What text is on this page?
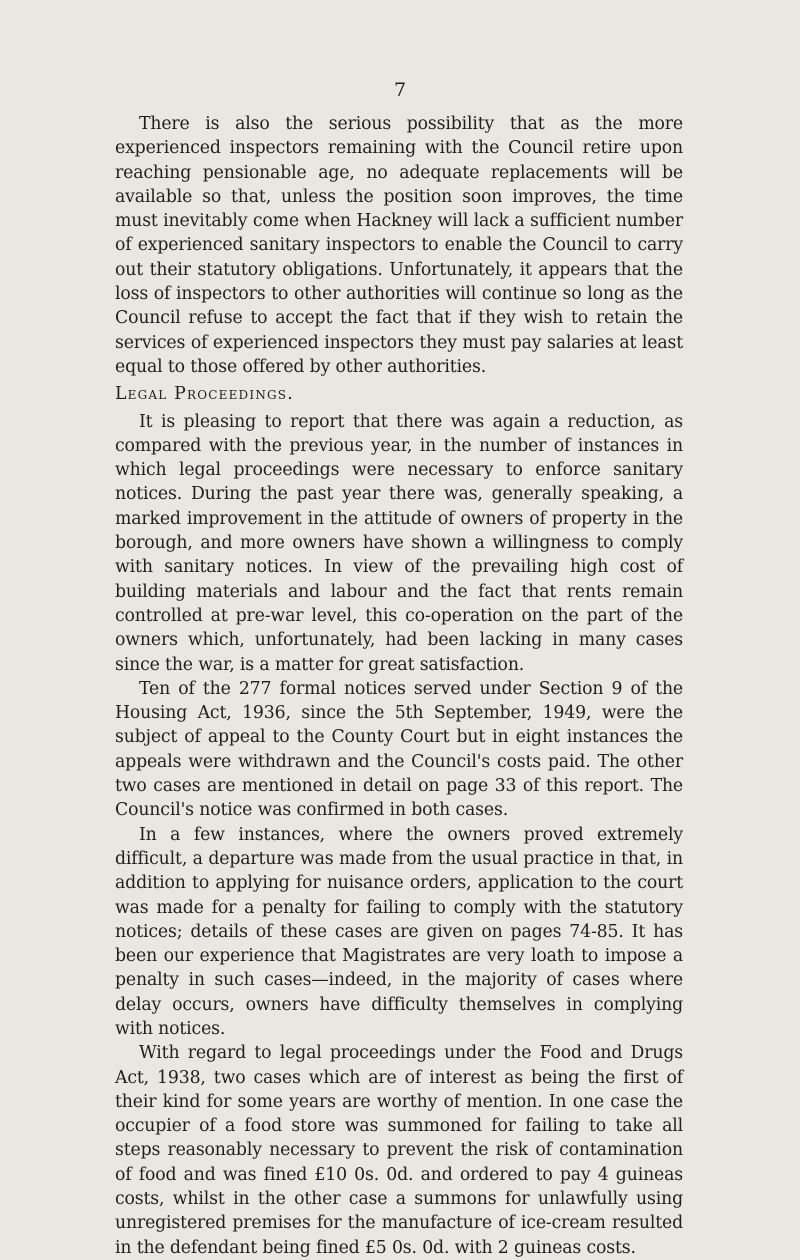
7

There is also the serious possibility that as the more experienced inspectors remaining with the Council retire upon reaching pensionable age, no adequate replacements will be available so that, unless the position soon improves, the time must inevitably come when Hackney will lack a sufficient number of experienced sanitary inspectors to enable the Council to carry out their statutory obligations. Unfortunately, it appears that the loss of inspectors to other authorities will continue so long as the Council refuse to accept the fact that if they wish to retain the services of experienced inspectors they must pay salaries at least equal to those offered by other authorities.

Legal Proceedings.

It is pleasing to report that there was again a reduction, as compared with the previous year, in the number of instances in which legal proceedings were necessary to enforce sanitary notices. During the past year there was, generally speaking, a marked improvement in the attitude of owners of property in the borough, and more owners have shown a willingness to comply with sanitary notices. In view of the prevailing high cost of building materials and labour and the fact that rents remain controlled at pre-war level, this co-operation on the part of the owners which, unfortunately, had been lacking in many cases since the war, is a matter for great satisfaction.

Ten of the 277 formal notices served under Section 9 of the Housing Act, 1936, since the 5th September, 1949, were the subject of appeal to the County Court but in eight instances the appeals were withdrawn and the Council's costs paid. The other two cases are mentioned in detail on page 33 of this report. The Council's notice was confirmed in both cases.

In a few instances, where the owners proved extremely difficult, a departure was made from the usual practice in that, in addition to applying for nuisance orders, application to the court was made for a penalty for failing to comply with the statutory notices; details of these cases are given on pages 74-85. It has been our experience that Magistrates are very loath to impose a penalty in such cases—indeed, in the majority of cases where delay occurs, owners have difficulty themselves in complying with notices.

With regard to legal proceedings under the Food and Drugs Act, 1938, two cases which are of interest as being the first of their kind for some years are worthy of mention. In one case the occupier of a food store was summoned for failing to take all steps reasonably necessary to prevent the risk of contamination of food and was fined £10 0s. 0d. and ordered to pay 4 guineas costs, whilst in the other case a summons for unlawfully using unregistered premises for the manufacture of ice-cream resulted in the defendant being fined £5 0s. 0d. with 2 guineas costs.
